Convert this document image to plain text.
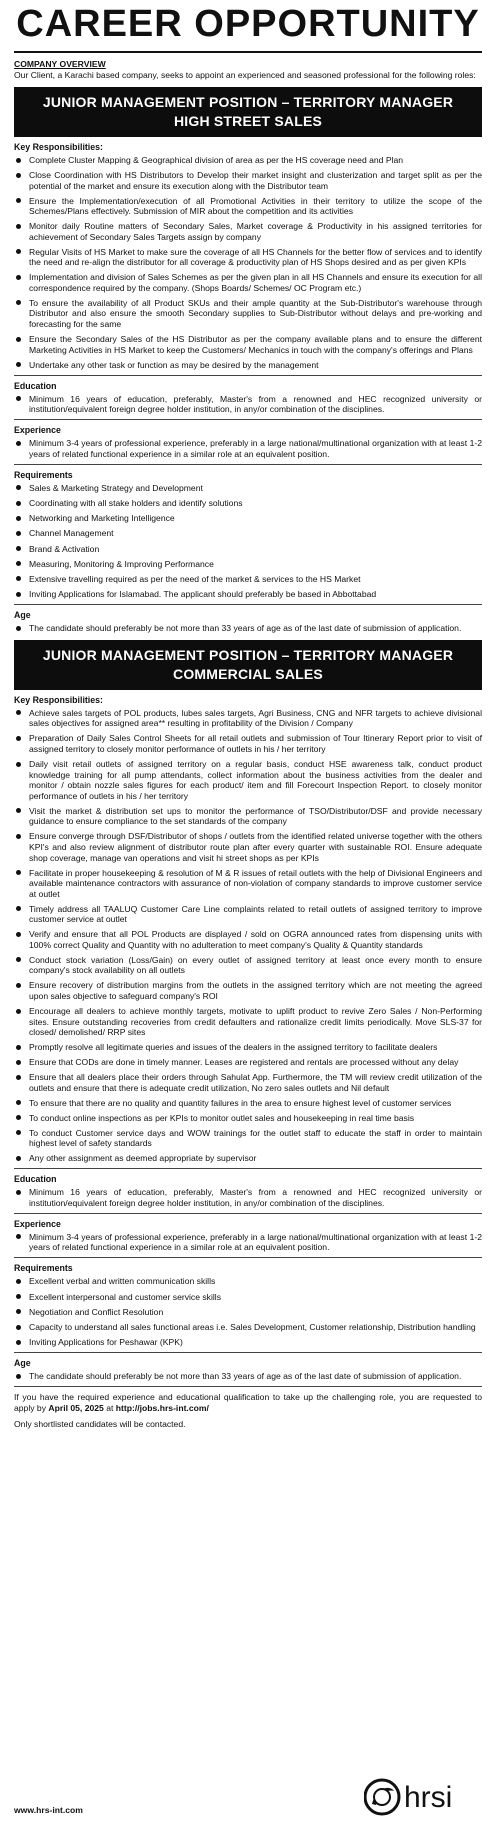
CAREER OPPORTUNITY
COMPANY OVERVIEW
Our Client, a Karachi based company, seeks to appoint an experienced and seasoned professional for the following roles:
JUNIOR MANAGEMENT POSITION – TERRITORY MANAGER HIGH STREET SALES
Key Responsibilities:
Complete Cluster Mapping & Geographical division of area as per the HS coverage need and Plan
Close Coordination with HS Distributors to Develop their market insight and clusterization and target split as per the potential of the market and ensure its execution along with the Distributor team
Ensure the Implementation/execution of all Promotional Activities in their territory to utilize the scope of the Schemes/Plans effectively. Submission of MIR about the competition and its activities
Monitor daily Routine matters of Secondary Sales, Market coverage & Productivity in his assigned territories for achievement of Secondary Sales Targets assign by company
Regular Visits of HS Market to make sure the coverage of all HS Channels for the better flow of services and to identify the need and re-align the distributor for all coverage & productivity plan of HS Shops desired and as per given KPIs
Implementation and division of Sales Schemes as per the given plan in all HS Channels and ensure its execution for all correspondence required by the company. (Shops Boards/ Schemes/ OC Program etc.)
To ensure the availability of all Product SKUs and their ample quantity at the Sub-Distributor's warehouse through Distributor and also ensure the smooth Secondary supplies to Sub-Distributor without delays and pre-working and forecasting for the same
Ensure the Secondary Sales of the HS Distributor as per the company available plans and to ensure the different Marketing Activities in HS Market to keep the Customers/ Mechanics in touch with the company's offerings and Plans
Undertake any other task or function as may be desired by the management
Education
Minimum 16 years of education, preferably, Master's from a renowned and HEC recognized university or institution/equivalent foreign degree holder institution, in any/or combination of the disciplines.
Experience
Minimum 3-4 years of professional experience, preferably in a large national/multinational organization with at least 1-2 years of related functional experience in a similar role at an equivalent position.
Requirements
Sales & Marketing Strategy and Development
Coordinating with all stake holders and identify solutions
Networking and Marketing Intelligence
Channel Management
Brand & Activation
Measuring, Monitoring & Improving Performance
Extensive travelling required as per the need of the market & services to the HS Market
Inviting Applications for Islamabad. The applicant should preferably be based in Abbottabad
Age
The candidate should preferably be not more than 33 years of age as of the last date of submission of application.
JUNIOR MANAGEMENT POSITION – TERRITORY MANAGER COMMERCIAL SALES
Key Responsibilities:
Achieve sales targets of POL products, lubes sales targets, Agri Business, CNG and NFR targets to achieve divisional sales objectives for assigned area** resulting in profitability of the Division / Company
Preparation of Daily Sales Control Sheets for all retail outlets and submission of Tour Itinerary Report prior to visit of assigned territory to closely monitor performance of outlets in his / her territory
Daily visit retail outlets of assigned territory on a regular basis, conduct HSE awareness talk, conduct product knowledge training for all pump attendants, collect information about the business activities from the dealer and monitor / obtain nozzle sales figures for each product/ item and fill Forecourt Inspection Report. to closely monitor performance of outlets in his / her territory
Visit the market & distribution set ups to monitor the performance of TSO/Distributor/DSF and provide necessary guidance to ensure compliance to the set standards of the company
Ensure converge through DSF/Distributor of shops / outlets from the identified related universe together with the others KPI's and also review alignment of distributor route plan after every quarter with sustainable ROI. Ensure adequate shop coverage, manage van operations and visit hi street shops as per KPIs
Facilitate in proper housekeeping & resolution of M & R issues of retail outlets with the help of Divisional Engineers and available maintenance contractors with assurance of non-violation of company standards to improve customer service at outlet
Timely address all TAALUQ Customer Care Line complaints related to retail outlets of assigned territory to improve customer service at outlet
Verify and ensure that all POL Products are displayed / sold on OGRA announced rates from dispensing units with 100% correct Quality and Quantity with no adulteration to meet company's Quality & Quantity standards
Conduct stock variation (Loss/Gain) on every outlet of assigned territory at least once every month to ensure company's stock availability on all outlets
Ensure recovery of distribution margins from the outlets in the assigned territory which are not meeting the agreed upon sales objective to safeguard company's ROI
Encourage all dealers to achieve monthly targets, motivate to uplift product to revive Zero Sales / Non-Performing sites. Ensure outstanding recoveries from credit defaulters and rationalize credit limits periodically. Move SLS-37 for closed/ demolished/ RRP sites
Promptly resolve all legitimate queries and issues of the dealers in the assigned territory to facilitate dealers
Ensure that CODs are done in timely manner. Leases are registered and rentals are processed without any delay
Ensure that all dealers place their orders through Sahulat App. Furthermore, the TM will review credit utilization of the outlets and ensure that there is adequate credit utilization, No zero sales outlets and Nil default
To ensure that there are no quality and quantity failures in the area to ensure highest level of customer services
To conduct online inspections as per KPIs to monitor outlet sales and housekeeping in real time basis
To conduct Customer service days and WOW trainings for the outlet staff to educate the staff in order to maintain highest level of safety standards
Any other assignment as deemed appropriate by supervisor
Education
Minimum 16 years of education, preferably, Master's from a renowned and HEC recognized university or institution/equivalent foreign degree holder institution, in any/or combination of the disciplines.
Experience
Minimum 3-4 years of professional experience, preferably in a large national/multinational organization with at least 1-2 years of related functional experience in a similar role at an equivalent position.
Requirements
Excellent verbal and written communication skills
Excellent interpersonal and customer service skills
Negotiation and Conflict Resolution
Capacity to understand all sales functional areas i.e. Sales Development, Customer relationship, Distribution handling
Inviting Applications for Peshawar (KPK)
Age
The candidate should preferably be not more than 33 years of age as of the last date of submission of application.
If you have the required experience and educational qualification to take up the challenging role, you are requested to apply by April 05, 2025 at http://jobs.hrs-int.com/
Only shortlisted candidates will be contacted.
www.hrs-int.com	hrsi
